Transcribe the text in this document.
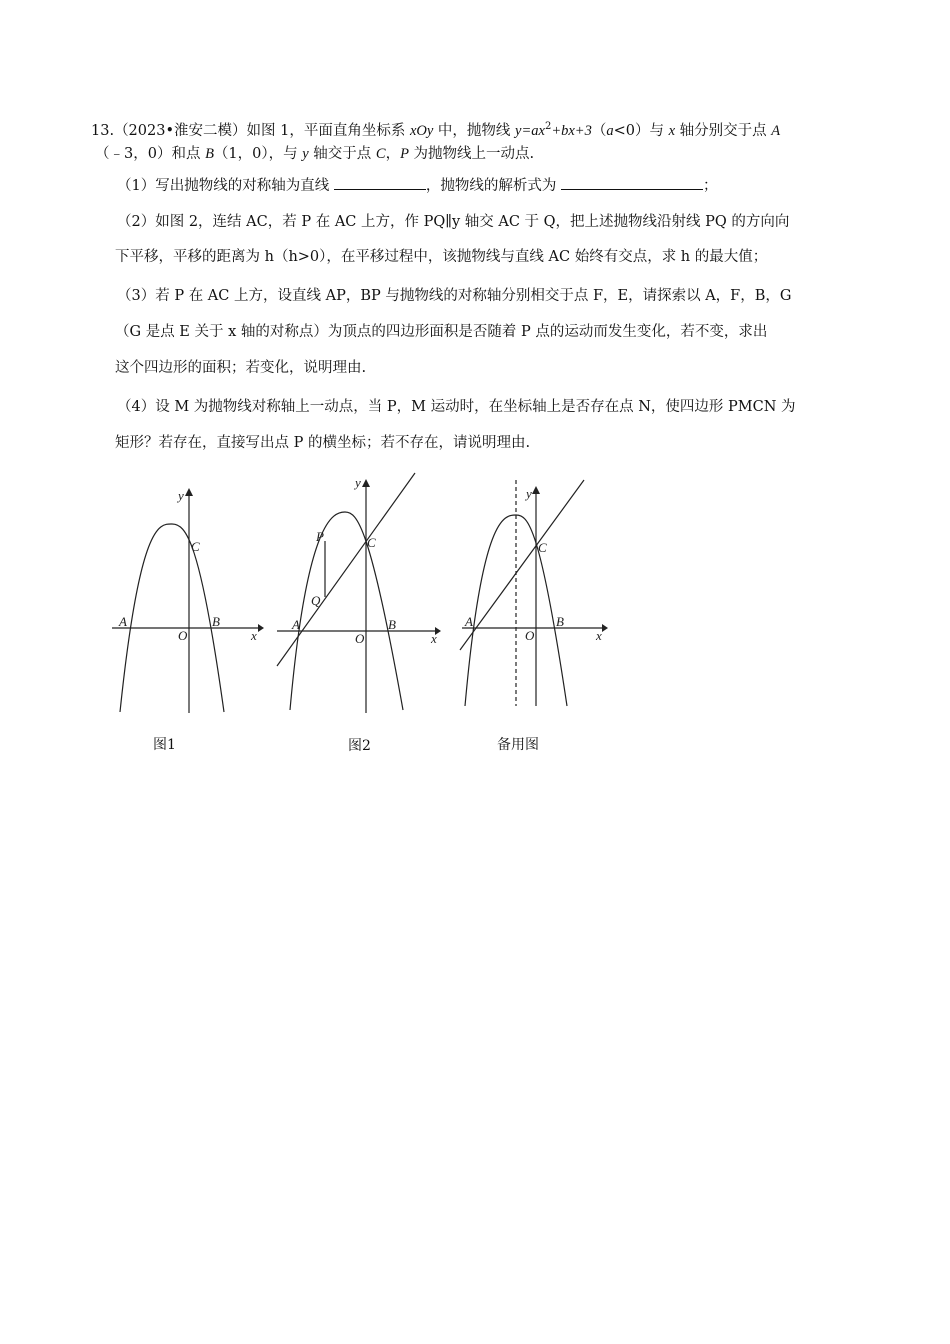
13.（2023•淮安二模）如图 1，平面直角坐标系 xOy 中，抛物线 $y=ax^2+bx+3(a<0)$与 x 轴分别交于点 A
（﹣3，0）和点 B（1，0），与 y 轴交于点 C，P 为抛物线上一动点.
（1）写出抛物线的对称轴为直线	，抛物线的解析式为	；
（2）如图 2，连结 AC，若 P 在 AC 上方，作 PQ∥y 轴交 AC 于 Q，把上述抛物线沿射线 PQ 的方向向
下平移，平移的距离为 h（h>0），在平移过程中，该抛物线与直线 AC 始终有交点，求 h 的最大值；
（3）若 P 在 AC 上方，设直线 AP，BP 与抛物线的对称轴分别相交于点 F，E，请探索以 A，F，B，G
（G 是点 E 关于 x 轴的对称点）为顶点的四边形面积是否随着 P 点的运动而发生变化，若不变，求出
这个四边形的面积；若变化，说明理由.
（4）设 M 为抛物线对称轴上一动点，当 P，M 运动时，在坐标轴上是否存在点 N，使四边形 PMCN 为
矩形？若存在，直接写出点 P 的横坐标；若不存在，请说明理由.
y
C
A	B
O	x
图1
y
P	C
Q
A	B
O	x
图2
y
C
A	B
O	x
备用图
